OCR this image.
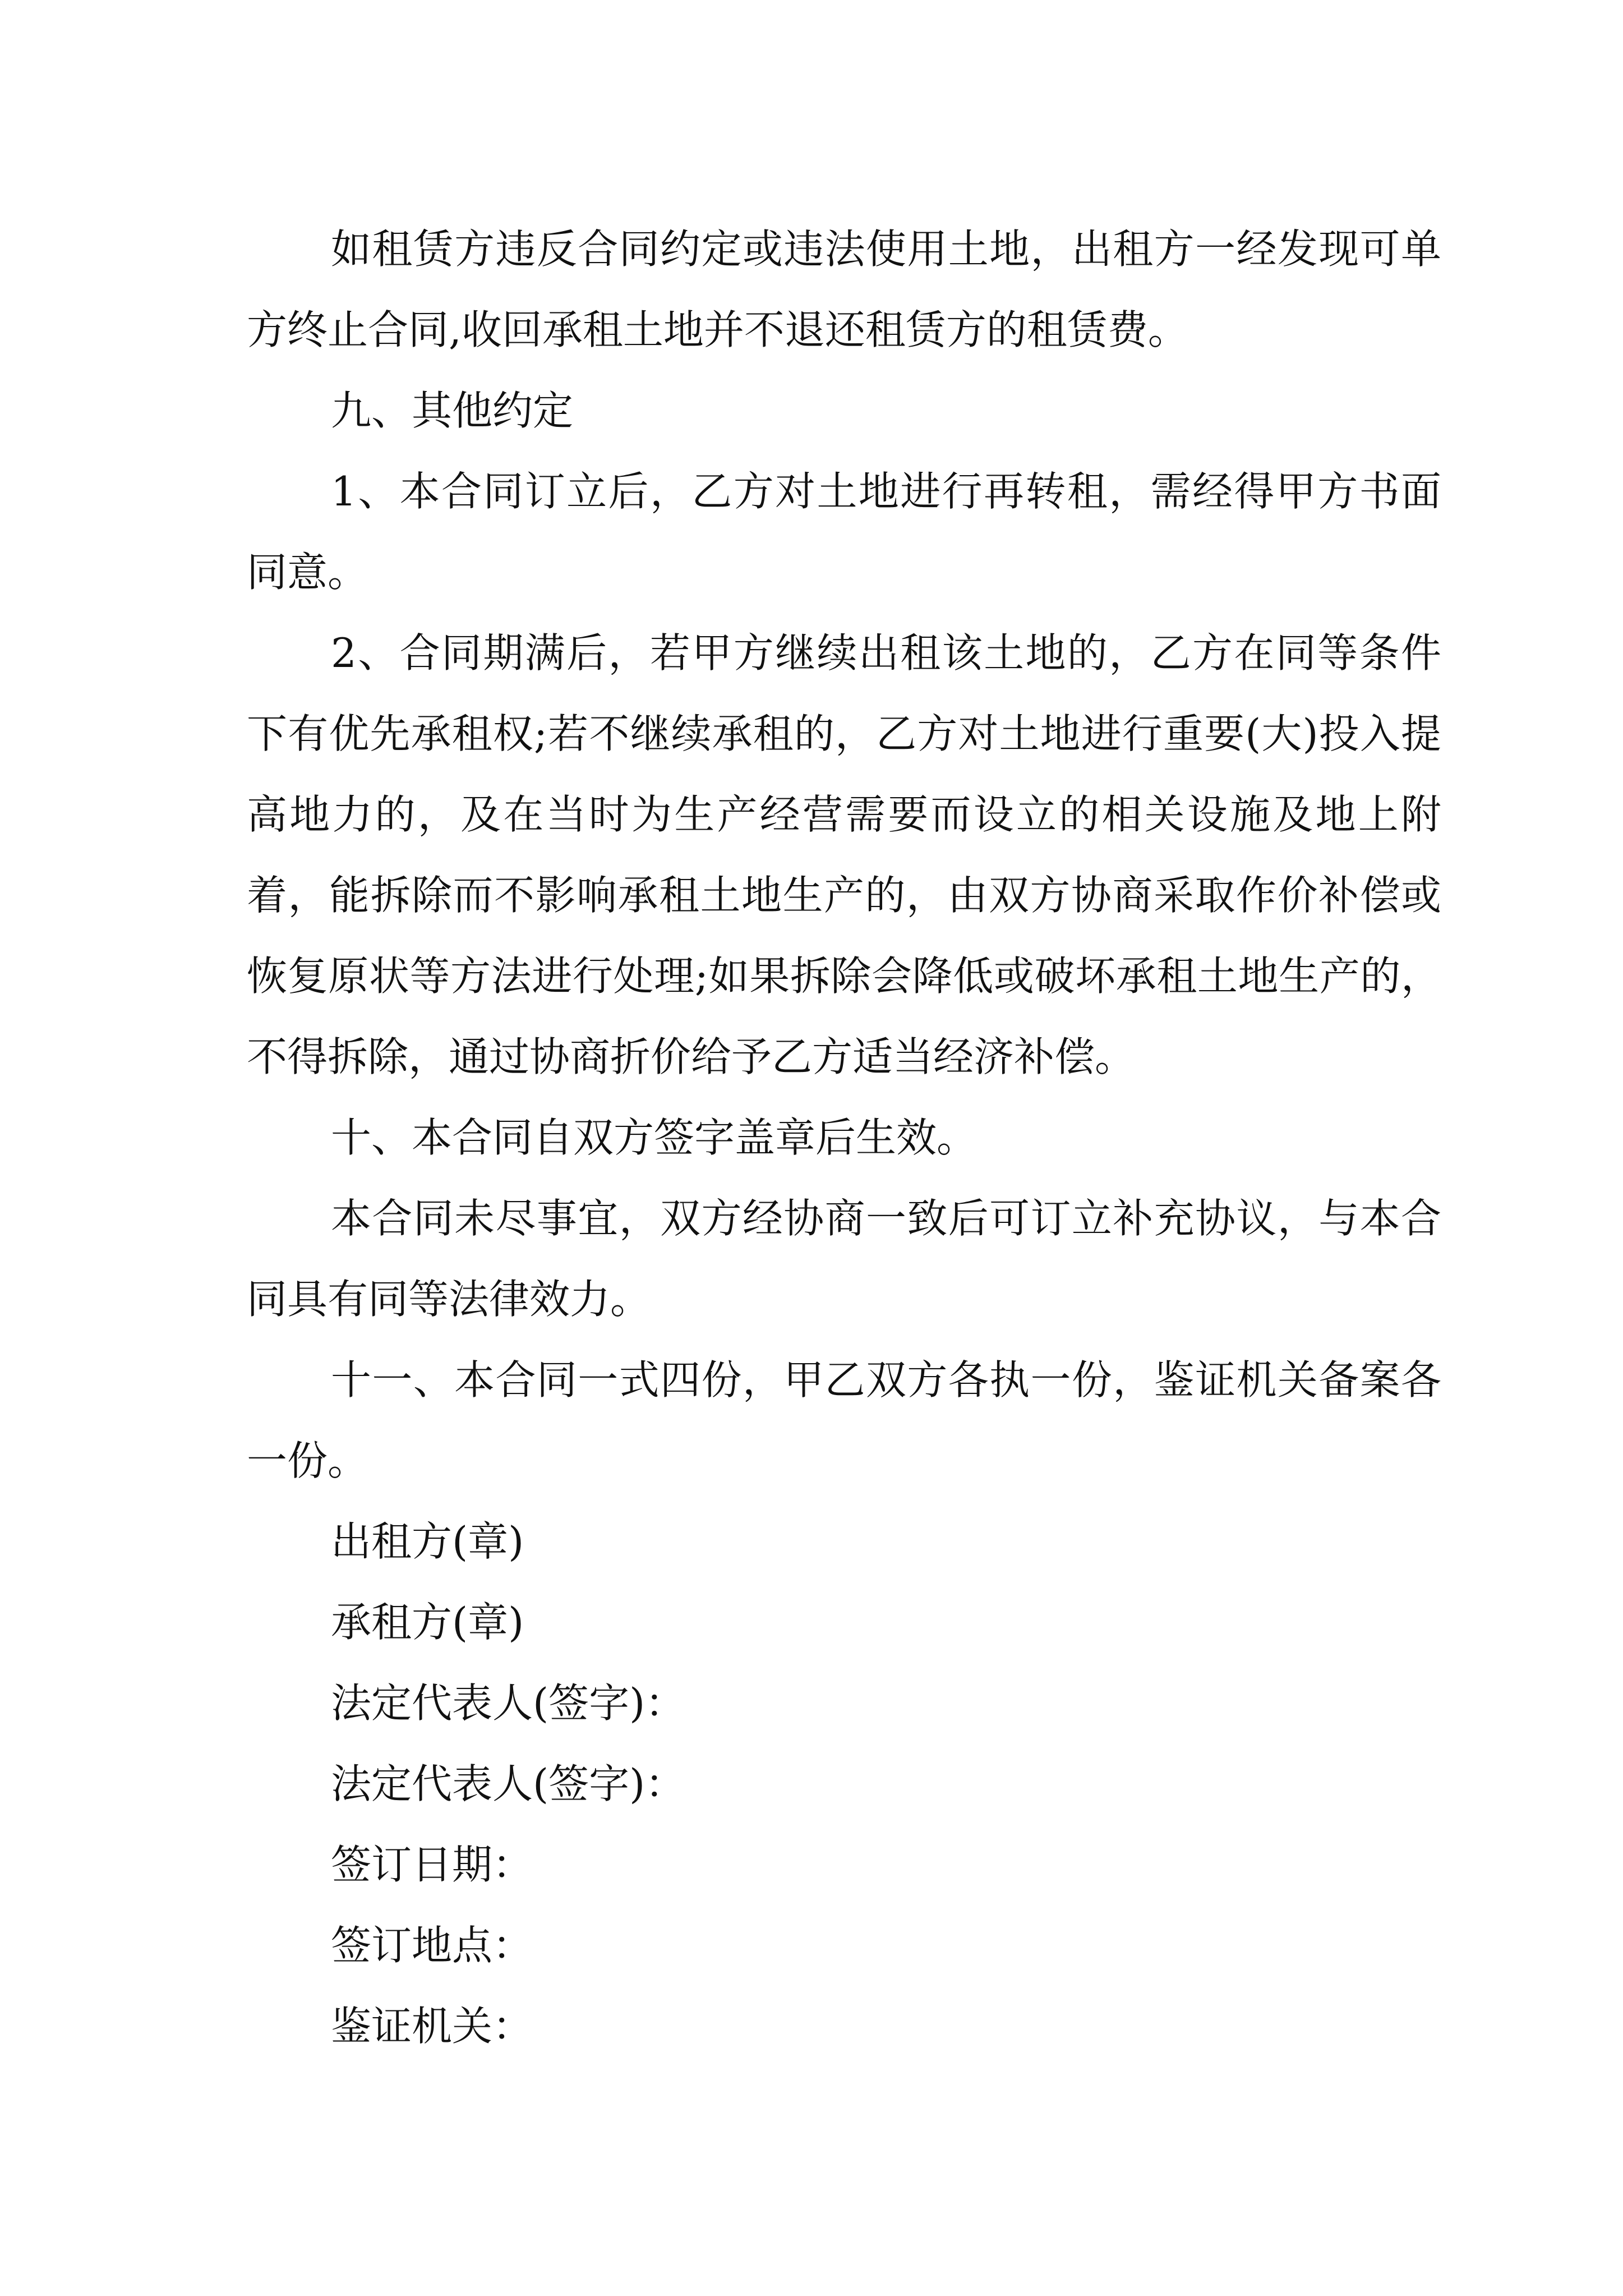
如租赁方违反合同约定或违法使用土地，出租方一经发现可单方终止合同,收回承租土地并不退还租赁方的租赁费。

九、其他约定

1、本合同订立后，乙方对土地进行再转租，需经得甲方书面同意。

2、合同期满后，若甲方继续出租该土地的，乙方在同等条件下有优先承租权;若不继续承租的，乙方对土地进行重要(大)投入提高地力的，及在当时为生产经营需要而设立的相关设施及地上附着，能拆除而不影响承租土地生产的，由双方协商采取作价补偿或恢复原状等方法进行处理;如果拆除会降低或破坏承租土地生产的，不得拆除，通过协商折价给予乙方适当经济补偿。

十、本合同自双方签字盖章后生效。

本合同未尽事宜，双方经协商一致后可订立补充协议，与本合同具有同等法律效力。

十一、本合同一式四份，甲乙双方各执一份，鉴证机关备案各一份。

出租方(章)

承租方(章)

法定代表人(签字)：

法定代表人(签字)：

签订日期：

签订地点：

鉴证机关：
